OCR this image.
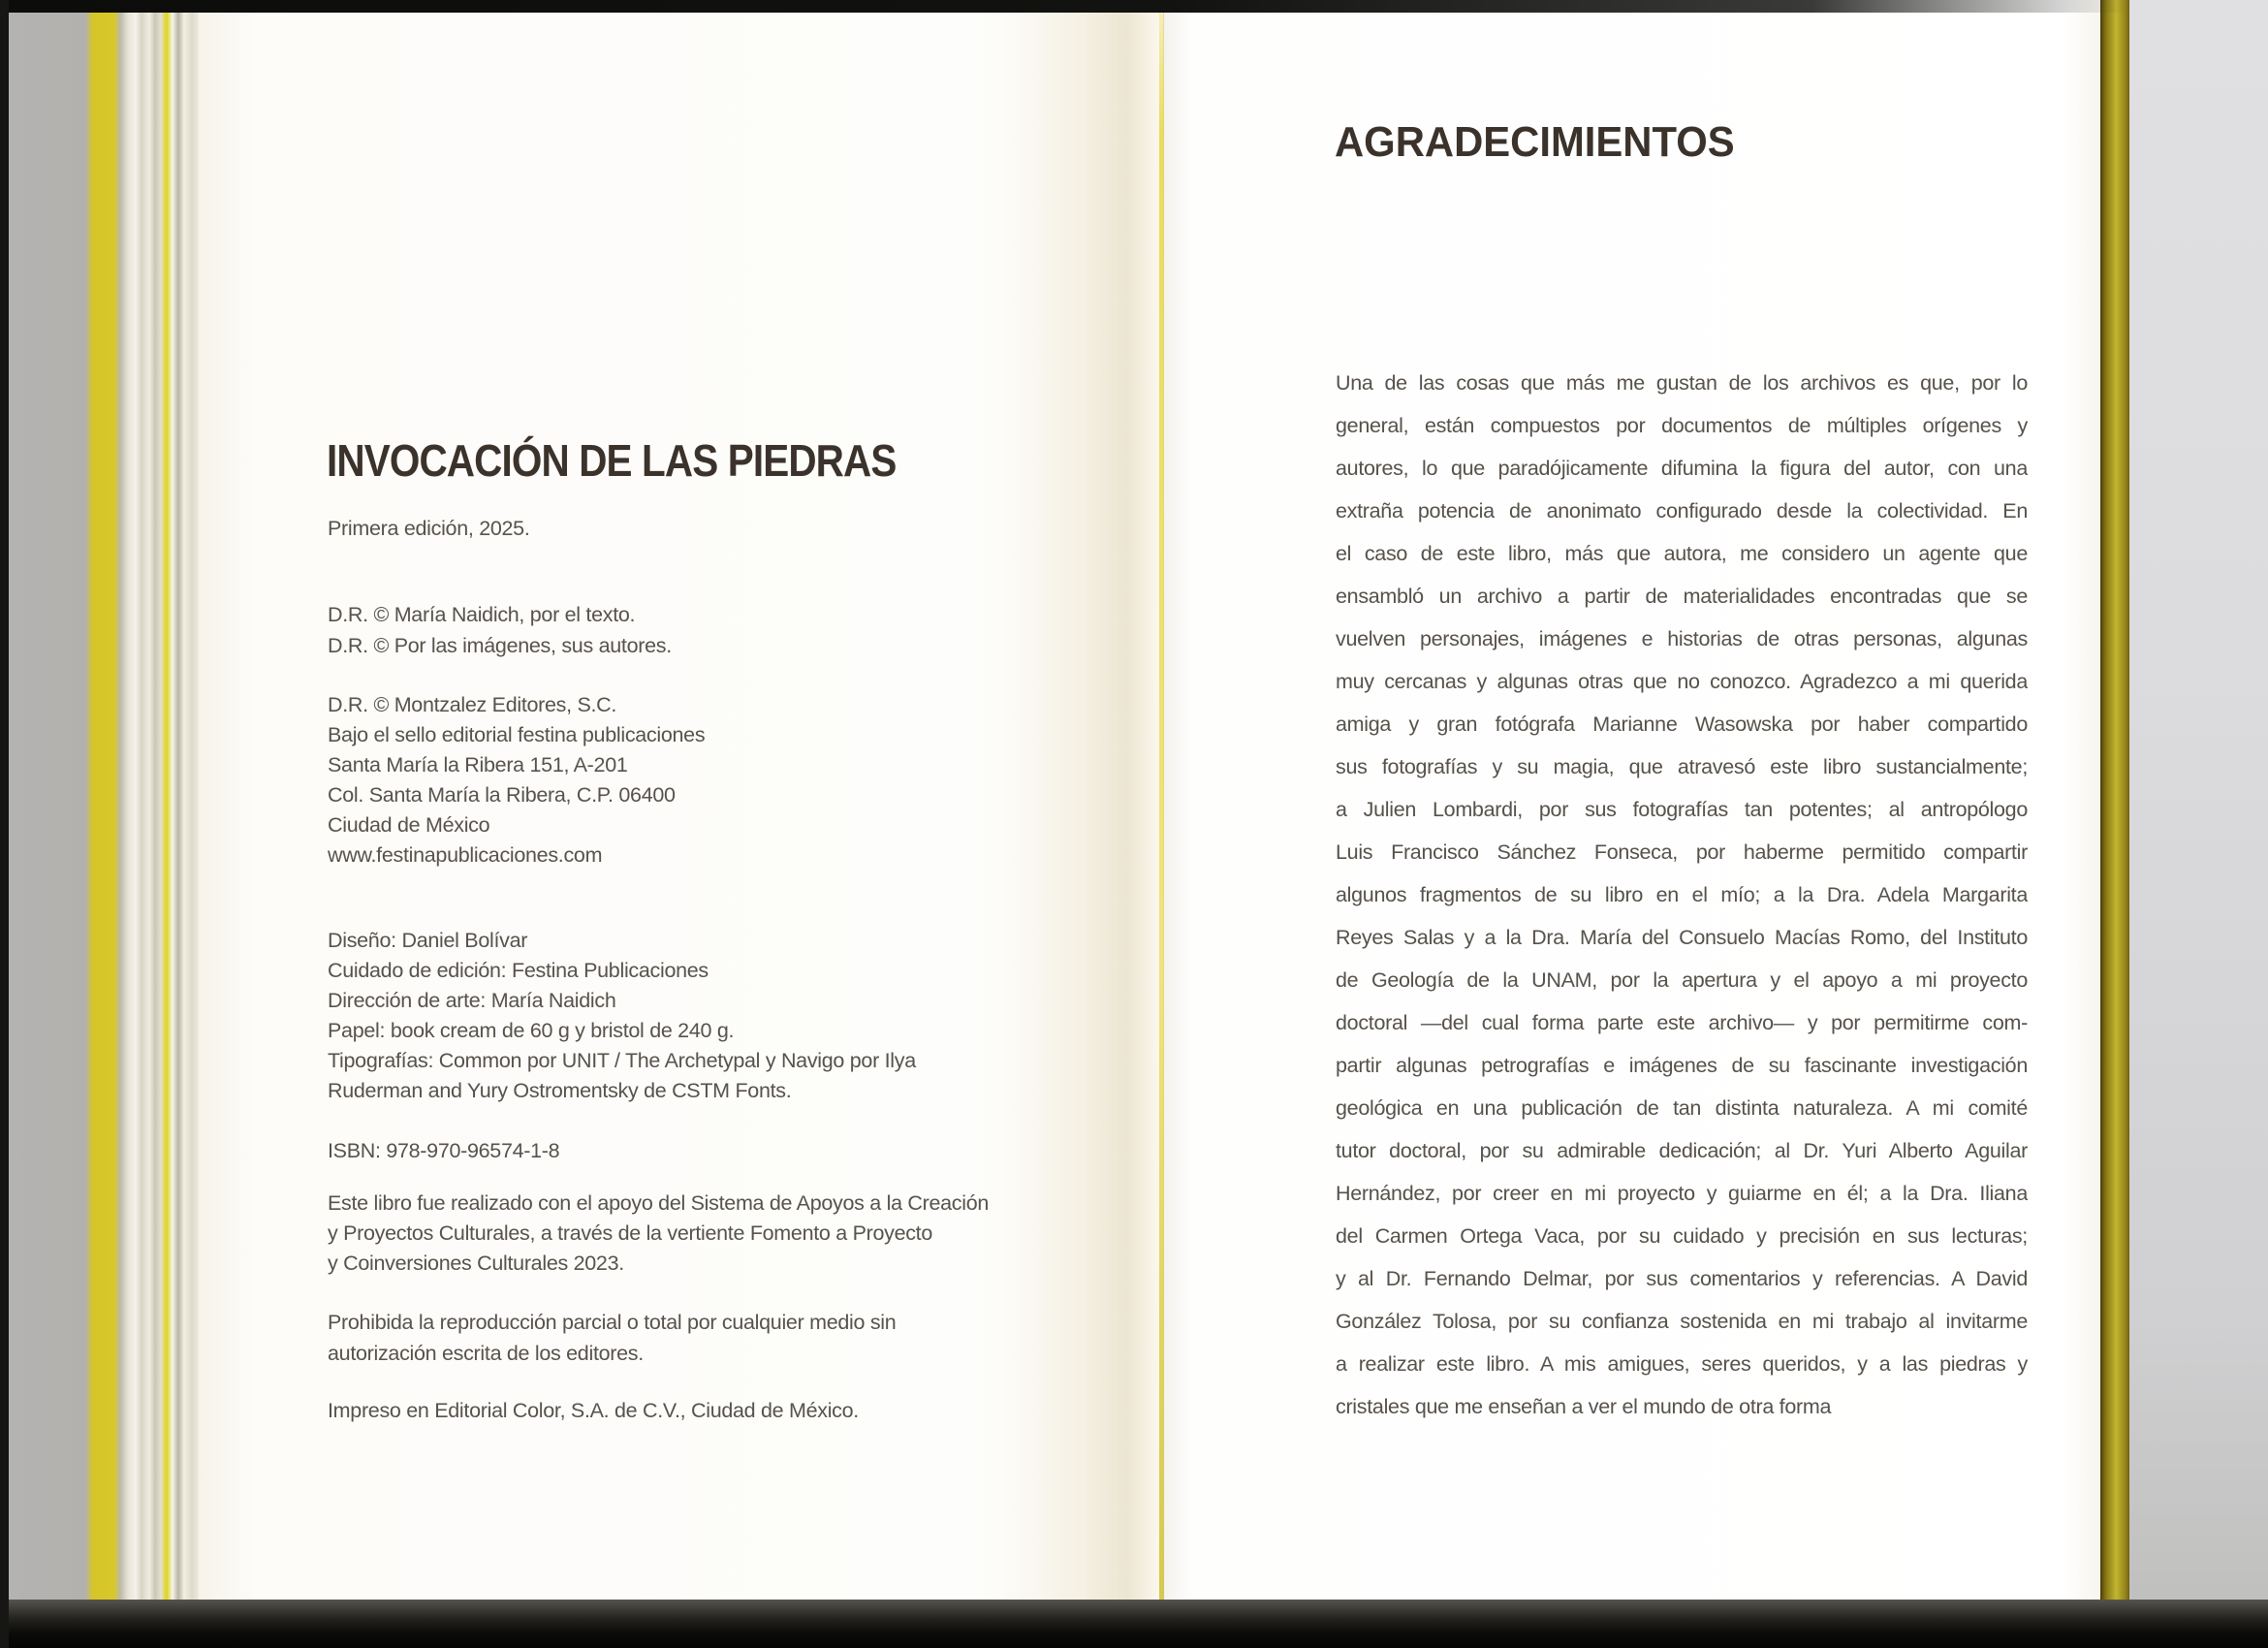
INVOCACIÓN DE LAS PIEDRAS

Primera edición, 2025.

D.R. © María Naidich, por el texto.

D.R. © Por las imágenes, sus autores.

D.R. © Montzalez Editores, S.C.

Bajo el sello editorial festina publicaciones

Santa María la Ribera 151, A-201

Col. Santa María la Ribera, C.P. 06400

Ciudad de México

www.festinapublicaciones.com

Diseño: Daniel Bolívar

Cuidado de edición: Festina Publicaciones

Dirección de arte: María Naidich

Papel: book cream de 60 g y bristol de 240 g.

Tipografías: Common por UNIT / The Archetypal y Navigo por Ilya

Ruderman and Yury Ostromentsky de CSTM Fonts.

ISBN: 978-970-96574-1-8

Este libro fue realizado con el apoyo del Sistema de Apoyos a la Creación

y Proyectos Culturales, a través de la vertiente Fomento a Proyecto

y Coinversiones Culturales 2023.

Prohibida la reproducción parcial o total por cualquier medio sin

autorización escrita de los editores.

Impreso en Editorial Color, S.A. de C.V., Ciudad de México.

AGRADECIMIENTOS
Una de las cosas que más me gustan de los archivos es que, por lo
general, están compuestos por documentos de múltiples orígenes y
autores, lo que paradójicamente difumina la figura del autor, con una
extraña potencia de anonimato configurado desde la colectividad. En
el caso de este libro, más que autora, me considero un agente que
ensambló un archivo a partir de materialidades encontradas que se
vuelven personajes, imágenes e historias de otras personas, algunas
muy cercanas y algunas otras que no conozco. Agradezco a mi querida
amiga y gran fotógrafa Marianne Wasowska por haber compartido
sus fotografías y su magia, que atravesó este libro sustancialmente;
a Julien Lombardi, por sus fotografías tan potentes; al antropólogo
Luis Francisco Sánchez Fonseca, por haberme permitido compartir
algunos fragmentos de su libro en el mío; a la Dra. Adela Margarita
Reyes Salas y a la Dra. María del Consuelo Macías Romo, del Instituto
de Geología de la UNAM, por la apertura y el apoyo a mi proyecto
doctoral —del cual forma parte este archivo— y por permitirme com-
partir algunas petrografías e imágenes de su fascinante investigación
geológica en una publicación de tan distinta naturaleza. A mi comité
tutor doctoral, por su admirable dedicación; al Dr. Yuri Alberto Aguilar
Hernández, por creer en mi proyecto y guiarme en él; a la Dra. Iliana
del Carmen Ortega Vaca, por su cuidado y precisión en sus lecturas;
y al Dr. Fernando Delmar, por sus comentarios y referencias. A David
González Tolosa, por su confianza sostenida en mi trabajo al invitarme
a realizar este libro. A mis amigues, seres queridos, y a las piedras y
cristales que me enseñan a ver el mundo de otra forma
